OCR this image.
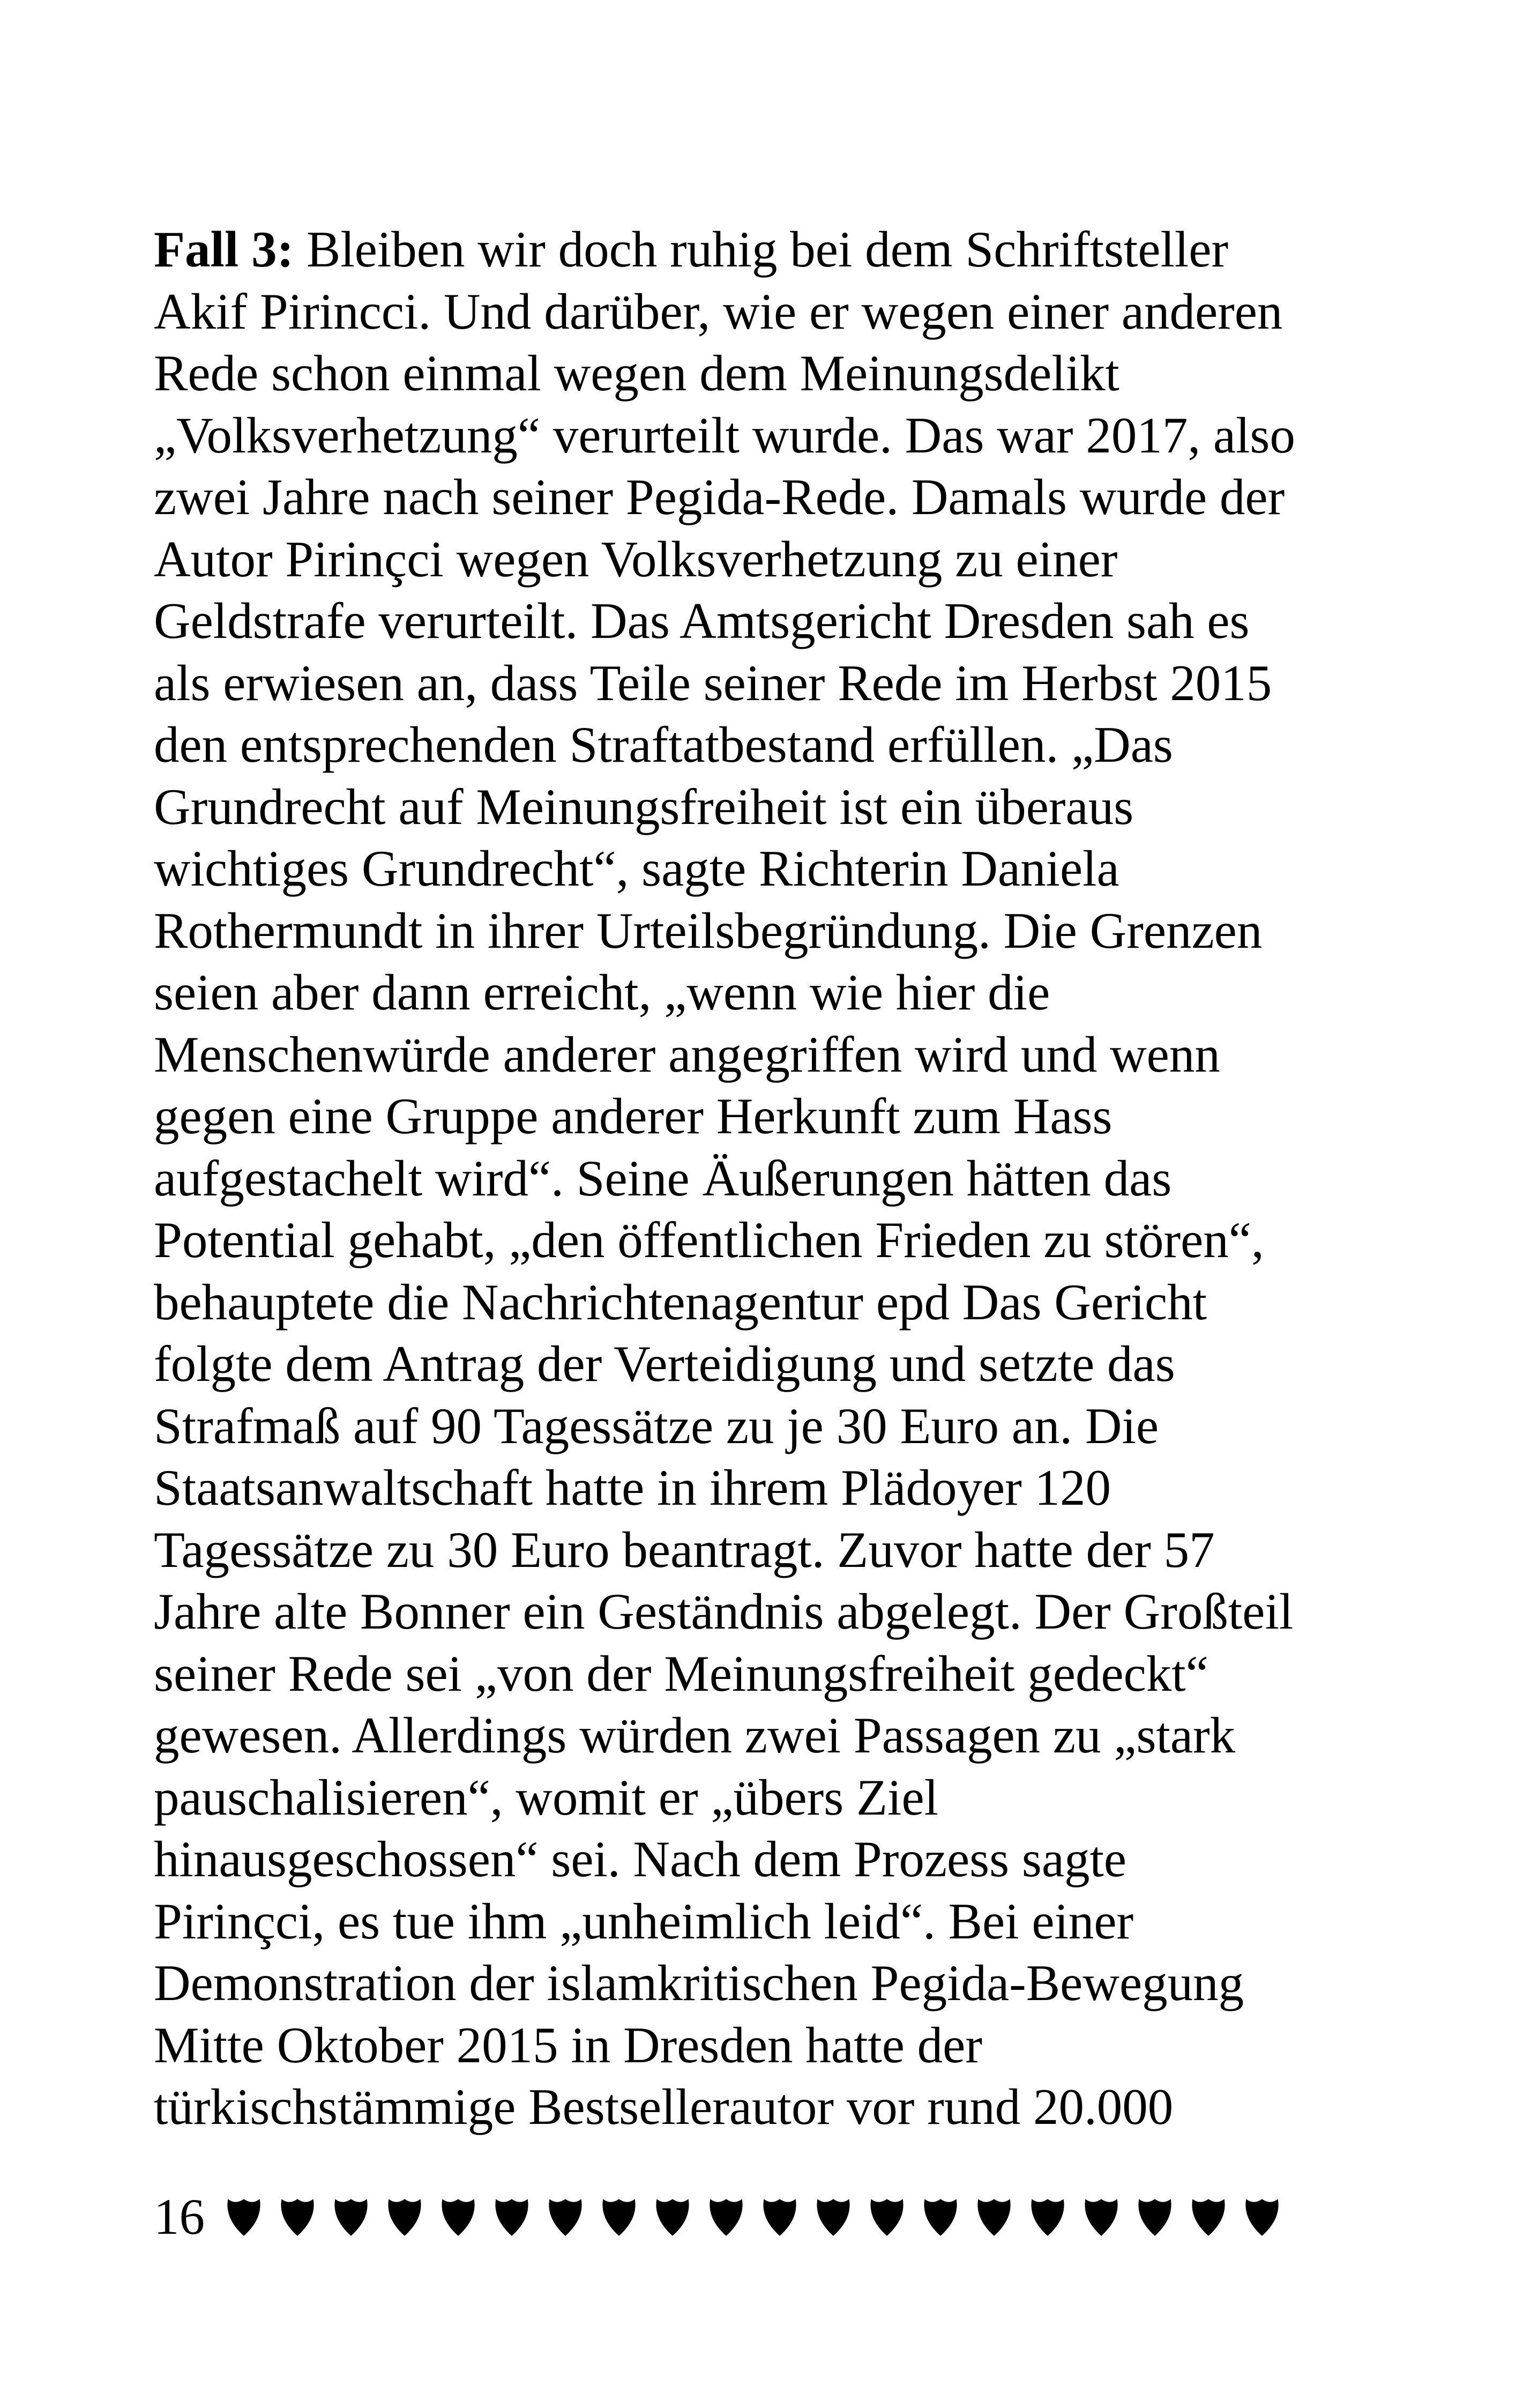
Fall 3: Bleiben wir doch ruhig bei dem Schriftsteller
Akif Pirincci. Und darüber, wie er wegen einer anderen
Rede schon einmal wegen dem Meinungsdelikt
„Volksverhetzung“ verurteilt wurde. Das war 2017, also
zwei Jahre nach seiner Pegida-Rede. Damals wurde der
Autor Pirinçci wegen Volksverhetzung zu einer
Geldstrafe verurteilt. Das Amtsgericht Dresden sah es
als erwiesen an, dass Teile seiner Rede im Herbst 2015
den entsprechenden Straftatbestand erfüllen. „Das
Grundrecht auf Meinungsfreiheit ist ein überaus
wichtiges Grundrecht“, sagte Richterin Daniela
Rothermundt in ihrer Urteilsbegründung. Die Grenzen
seien aber dann erreicht, „wenn wie hier die
Menschenwürde anderer angegriffen wird und wenn
gegen eine Gruppe anderer Herkunft zum Hass
aufgestachelt wird“. Seine Äußerungen hätten das
Potential gehabt, „den öffentlichen Frieden zu stören“,
behauptete die Nachrichtenagentur epd Das Gericht
folgte dem Antrag der Verteidigung und setzte das
Strafmaß auf 90 Tagessätze zu je 30 Euro an. Die
Staatsanwaltschaft hatte in ihrem Plädoyer 120
Tagessätze zu 30 Euro beantragt. Zuvor hatte der 57
Jahre alte Bonner ein Geständnis abgelegt. Der Großteil
seiner Rede sei „von der Meinungsfreiheit gedeckt“
gewesen. Allerdings würden zwei Passagen zu „stark
pauschalisieren“, womit er „übers Ziel
hinausgeschossen“ sei. Nach dem Prozess sagte
Pirinçci, es tue ihm „unheimlich leid“. Bei einer
Demonstration der islamkritischen Pegida-Bewegung
Mitte Oktober 2015 in Dresden hatte der
türkischstämmige Bestsellerautor vor rund 20.000
16
